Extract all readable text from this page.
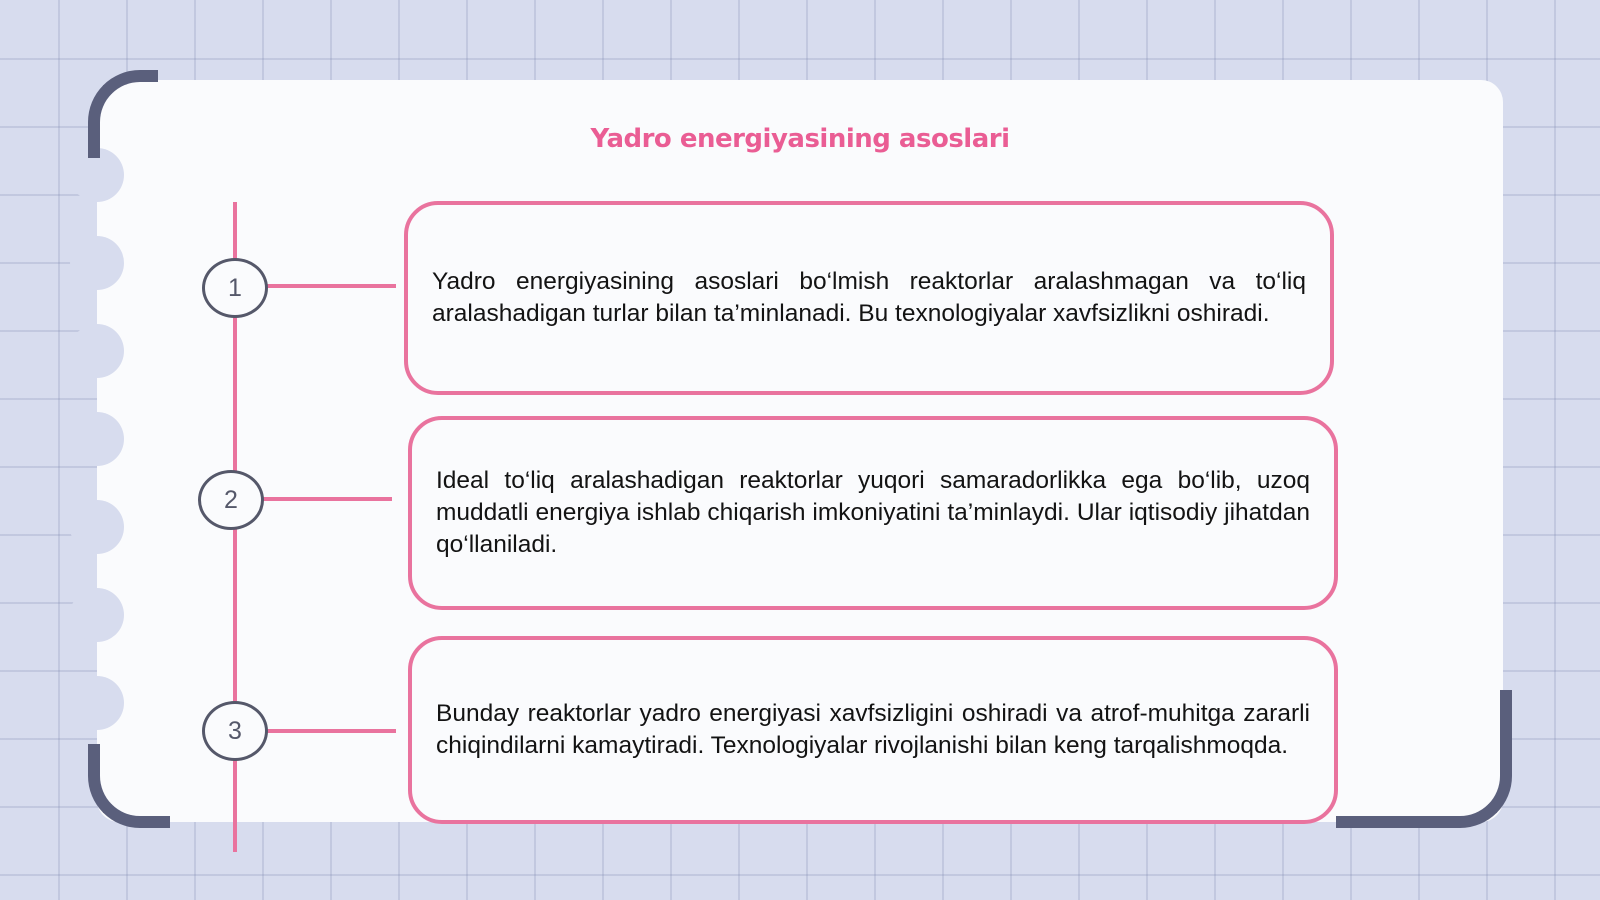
Yadro energiyasining asoslari
1
2
3

Yadro energiyasining asoslari bo‘lmish reaktorlar aralashmagan va to‘liq aralashadigan turlar bilan ta’minlanadi. Bu texnologiyalar xavfsizlikni oshiradi.

Ideal to‘liq aralashadigan reaktorlar yuqori samaradorlikka ega bo‘lib, uzoq muddatli energiya ishlab chiqarish imkoniyatini ta’minlaydi. Ular iqtisodiy jihatdan qo‘llaniladi.

Bunday reaktorlar yadro energiyasi xavfsizligini oshiradi va atrof-muhitga zararli chiqindilarni kamaytiradi. Texnologiyalar rivojlanishi bilan keng tarqalishmoqda.
